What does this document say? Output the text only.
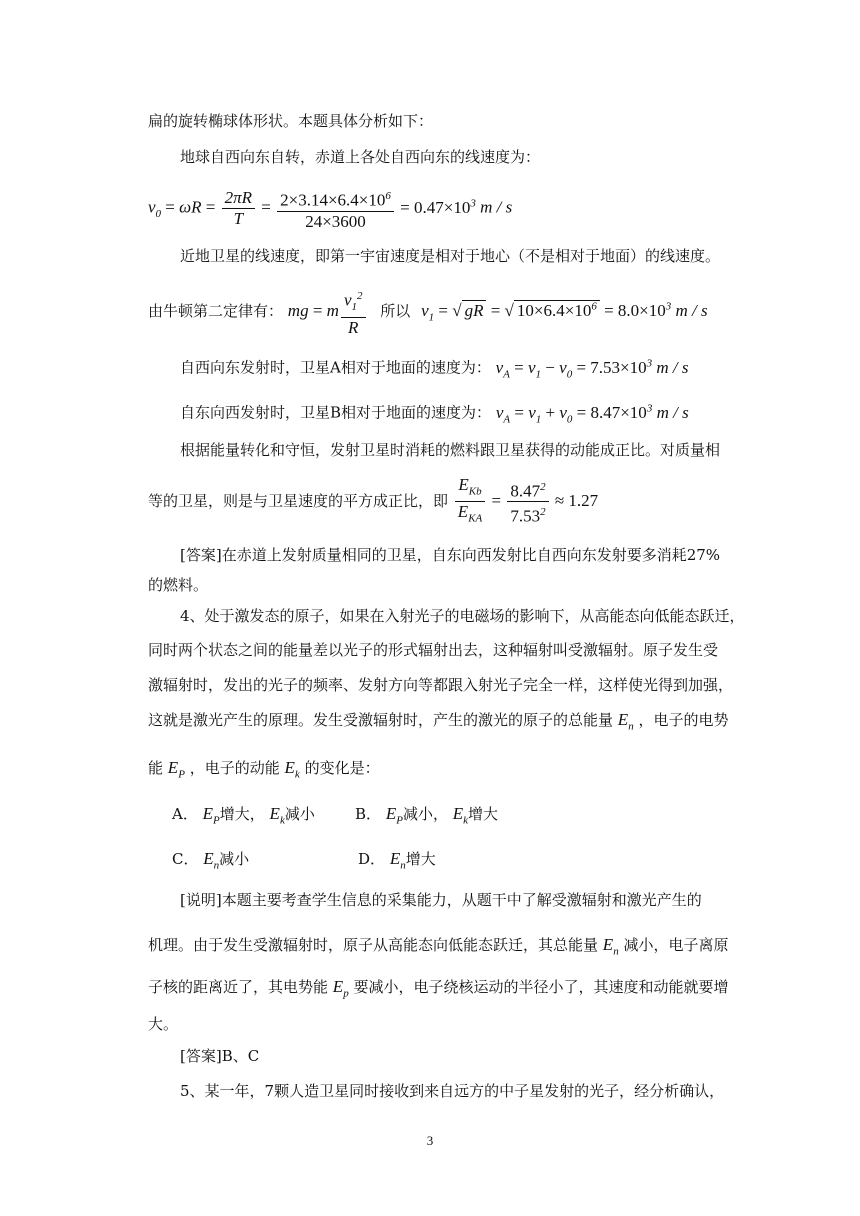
扁的旋转椭球体形状。本题具体分析如下：
地球自西向东自转，赤道上各处自西向东的线速度为：
$v_0 = \omega R = \frac{2\pi R}{T} = \frac{2\times 3.14\times 6.4\times 10^6}{24\times 3600} = 0.47\times 10^3$ m / s
近地卫星的线速度，即第一宇宙速度是相对于地心（不是相对于地面）的线速度。
由牛顿第二定律有： mg = m $\frac{v_1^2}{R}$ 所以 $v_1$ = √ gR = √ $10\times 6.4\times 10^6 = 8.0\times 10^3$ m / s
自西向东发射时，卫星A相对于地面的速度为： $v_A = v_1 - v_0 = 7.53\times 10^3$ m / s
自东向西发射时，卫星B相对于地面的速度为： $v_A = v_1 + v_0 = 8.47\times 10^3$ m / s
根据能量转化和守恒，发射卫星时消耗的燃料跟卫星获得的动能成正比。对质量相
等的卫星，则是与卫星速度的平方成正比，即 $\frac{E_{Kb}}{E_{KA}} = \frac{8.47^2}{7.53^2} \approx 1.27$
[答案]在赤道上发射质量相同的卫星，自东向西发射比自西向东发射要多消耗27%
的燃料。
4、处于激发态的原子，如果在入射光子的电磁场的影响下，从高能态向低能态跃迁，
同时两个状态之间的能量差以光子的形式辐射出去，这种辐射叫受激辐射。原子发生受
激辐射时，发出的光子的频率、发射方向等都跟入射光子完全一样，这样使光得到加强，
这就是激光产生的原理。发生受激辐射时，产生的激光的原子的总能量 $E_n$ ，电子的电势
能 $E_P$ ，电子的动能 $E_k$ 的变化是：
A． $E_P$增大， $E_k$减小	B． $E_P$减小， $E_k$增大
C． $E_n$减小	D． $E_n$增大
[说明]本题主要考查学生信息的采集能力，从题干中了解受激辐射和激光产生的
机理。由于发生受激辐射时，原子从高能态向低能态跃迁，其总能量 $E_n$ 减小，电子离原
子核的距离近了，其电势能 $E_p$ 要减小，电子绕核运动的半径小了，其速度和动能就要增
大。
[答案]B、C
5、某一年，7颗人造卫星同时接收到来自远方的中子星发射的光子，经分析确认，
3
